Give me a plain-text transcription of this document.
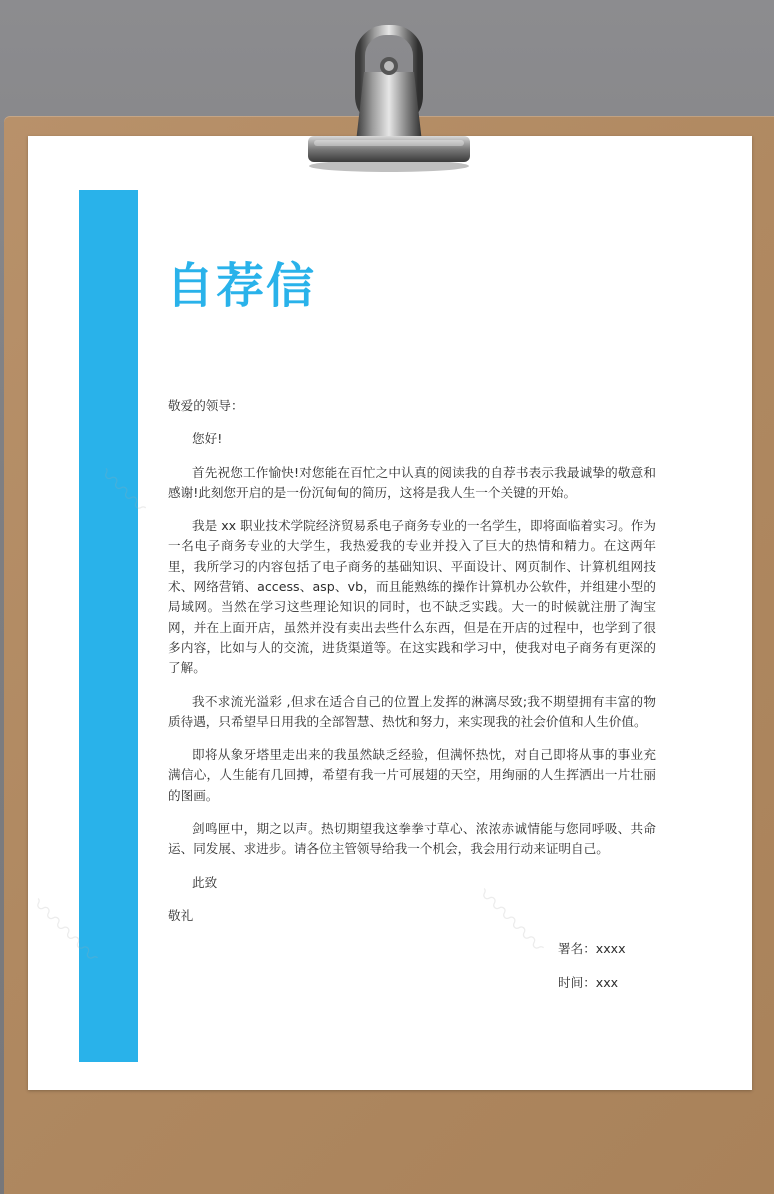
〰〰
〰〰〰	〰〰〰
自荐信

敬爱的领导：

您好!

首先祝您工作愉快!对您能在百忙之中认真的阅读我的自荐书表示我最诚挚的敬意和感谢!此刻您开启的是一份沉甸甸的简历，这将是我人生一个关键的开始。

我是 xx 职业技术学院经济贸易系电子商务专业的一名学生，即将面临着实习。作为一名电子商务专业的大学生，我热爱我的专业并投入了巨大的热情和精力。在这两年里，我所学习的内容包括了电子商务的基础知识、平面设计、网页制作、计算机组网技术、网络营销、access、asp、vb，而且能熟练的操作计算机办公软件，并组建小型的局域网。当然在学习这些理论知识的同时，也不缺乏实践。大一的时候就注册了淘宝网，并在上面开店，虽然并没有卖出去些什么东西，但是在开店的过程中，也学到了很多内容，比如与人的交流，进货渠道等。在这实践和学习中，使我对电子商务有更深的了解。

我不求流光溢彩 ,但求在适合自己的位置上发挥的淋漓尽致;我不期望拥有丰富的物质待遇，只希望早日用我的全部智慧、热忱和努力，来实现我的社会价值和人生价值。

即将从象牙塔里走出来的我虽然缺乏经验，但满怀热忱，对自己即将从事的事业充满信心，人生能有几回搏，希望有我一片可展翅的天空，用绚丽的人生挥洒出一片壮丽的图画。

剑鸣匣中，期之以声。热切期望我这拳拳寸草心、浓浓赤诚情能与您同呼吸、共命运、同发展、求进步。请各位主管领导给我一个机会，我会用行动来证明自己。

此致

敬礼

署名：xxxx

时间：xxx
